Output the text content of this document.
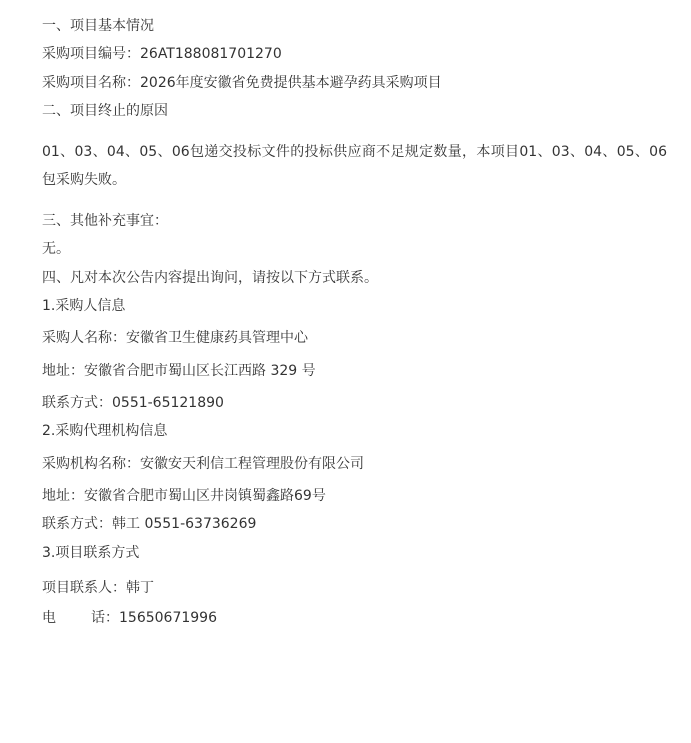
一、项目基本情况
采购项目编号：26AT188081701270
采购项目名称：2026年度安徽省免费提供基本避孕药具采购项目
二、项目终止的原因
01、03、04、05、06包递交投标文件的投标供应商不足规定数量，本项目01、03、04、05、06包采购失败。
三、其他补充事宜：
无。
四、凡对本次公告内容提出询问，请按以下方式联系。
1.采购人信息
采购人名称：安徽省卫生健康药具管理中心
地址：安徽省合肥市蜀山区长江西路 329 号
联系方式：0551-65121890
2.采购代理机构信息
采购机构名称：安徽安天利信工程管理股份有限公司
地址：安徽省合肥市蜀山区井岗镇蜀鑫路69号
联系方式：韩工 0551-63736269
3.项目联系方式
项目联系人：韩丁
电	话：15650671996
